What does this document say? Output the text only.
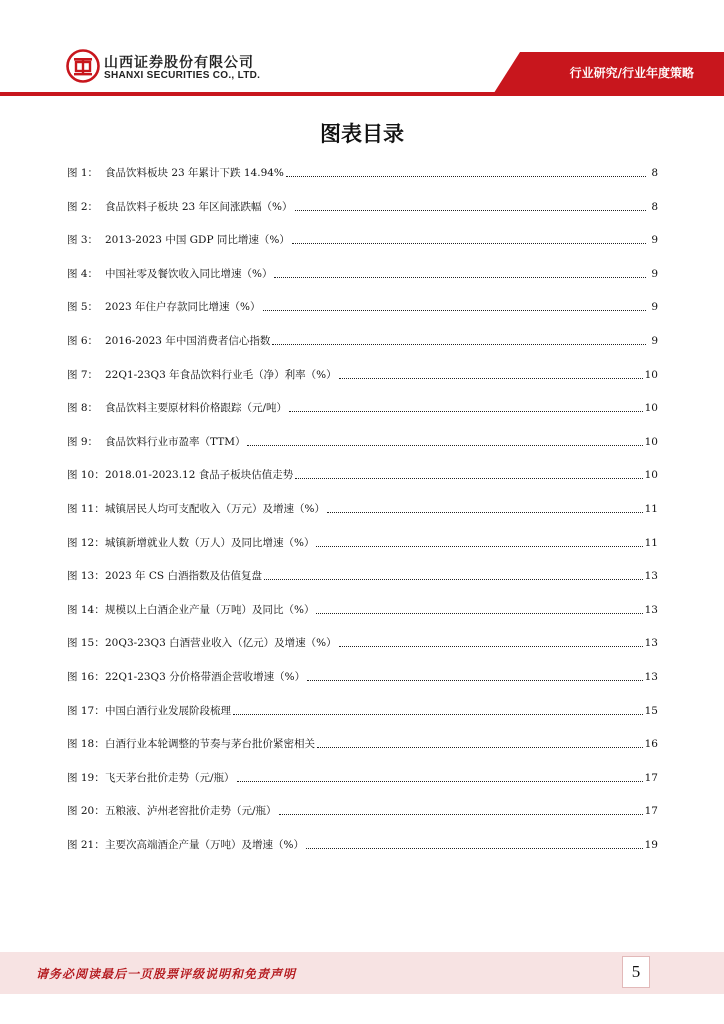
山西证券股份有限公司
SHANXI SECURITIES CO., LTD.	行业研究/行业年度策略
图表目录
图 1： 食品饮料板块 23 年累计下跌 14.94%	8
图 2： 食品饮料子板块 23 年区间涨跌幅（%）	8
图 3： 2013-2023 中国 GDP 同比增速（%）	9
图 4： 中国社零及餐饮收入同比增速（%）	9
图 5： 2023 年住户存款同比增速（%）	9
图 6： 2016-2023 年中国消费者信心指数	9
图 7： 22Q1-23Q3 年食品饮料行业毛（净）利率（%）	10
图 8： 食品饮料主要原材料价格跟踪（元/吨）	10
图 9： 食品饮料行业市盈率（TTM）	10
图 10： 2018.01-2023.12 食品子板块估值走势	10
图 11： 城镇居民人均可支配收入（万元）及增速（%）	11
图 12： 城镇新增就业人数（万人）及同比增速（%）	11
图 13： 2023 年 CS 白酒指数及估值复盘	13
图 14： 规模以上白酒企业产量（万吨）及同比（%）	13
图 15： 20Q3-23Q3 白酒营业收入（亿元）及增速（%）	13
图 16： 22Q1-23Q3 分价格带酒企营收增速（%）	13
图 17： 中国白酒行业发展阶段梳理	15
图 18： 白酒行业本轮调整的节奏与茅台批价紧密相关	16
图 19： 飞天茅台批价走势（元/瓶）	17
图 20： 五粮液、泸州老窖批价走势（元/瓶）	17
图 21： 主要次高端酒企产量（万吨）及增速（%）	19
请务必阅读最后一页股票评级说明和免责声明	5
